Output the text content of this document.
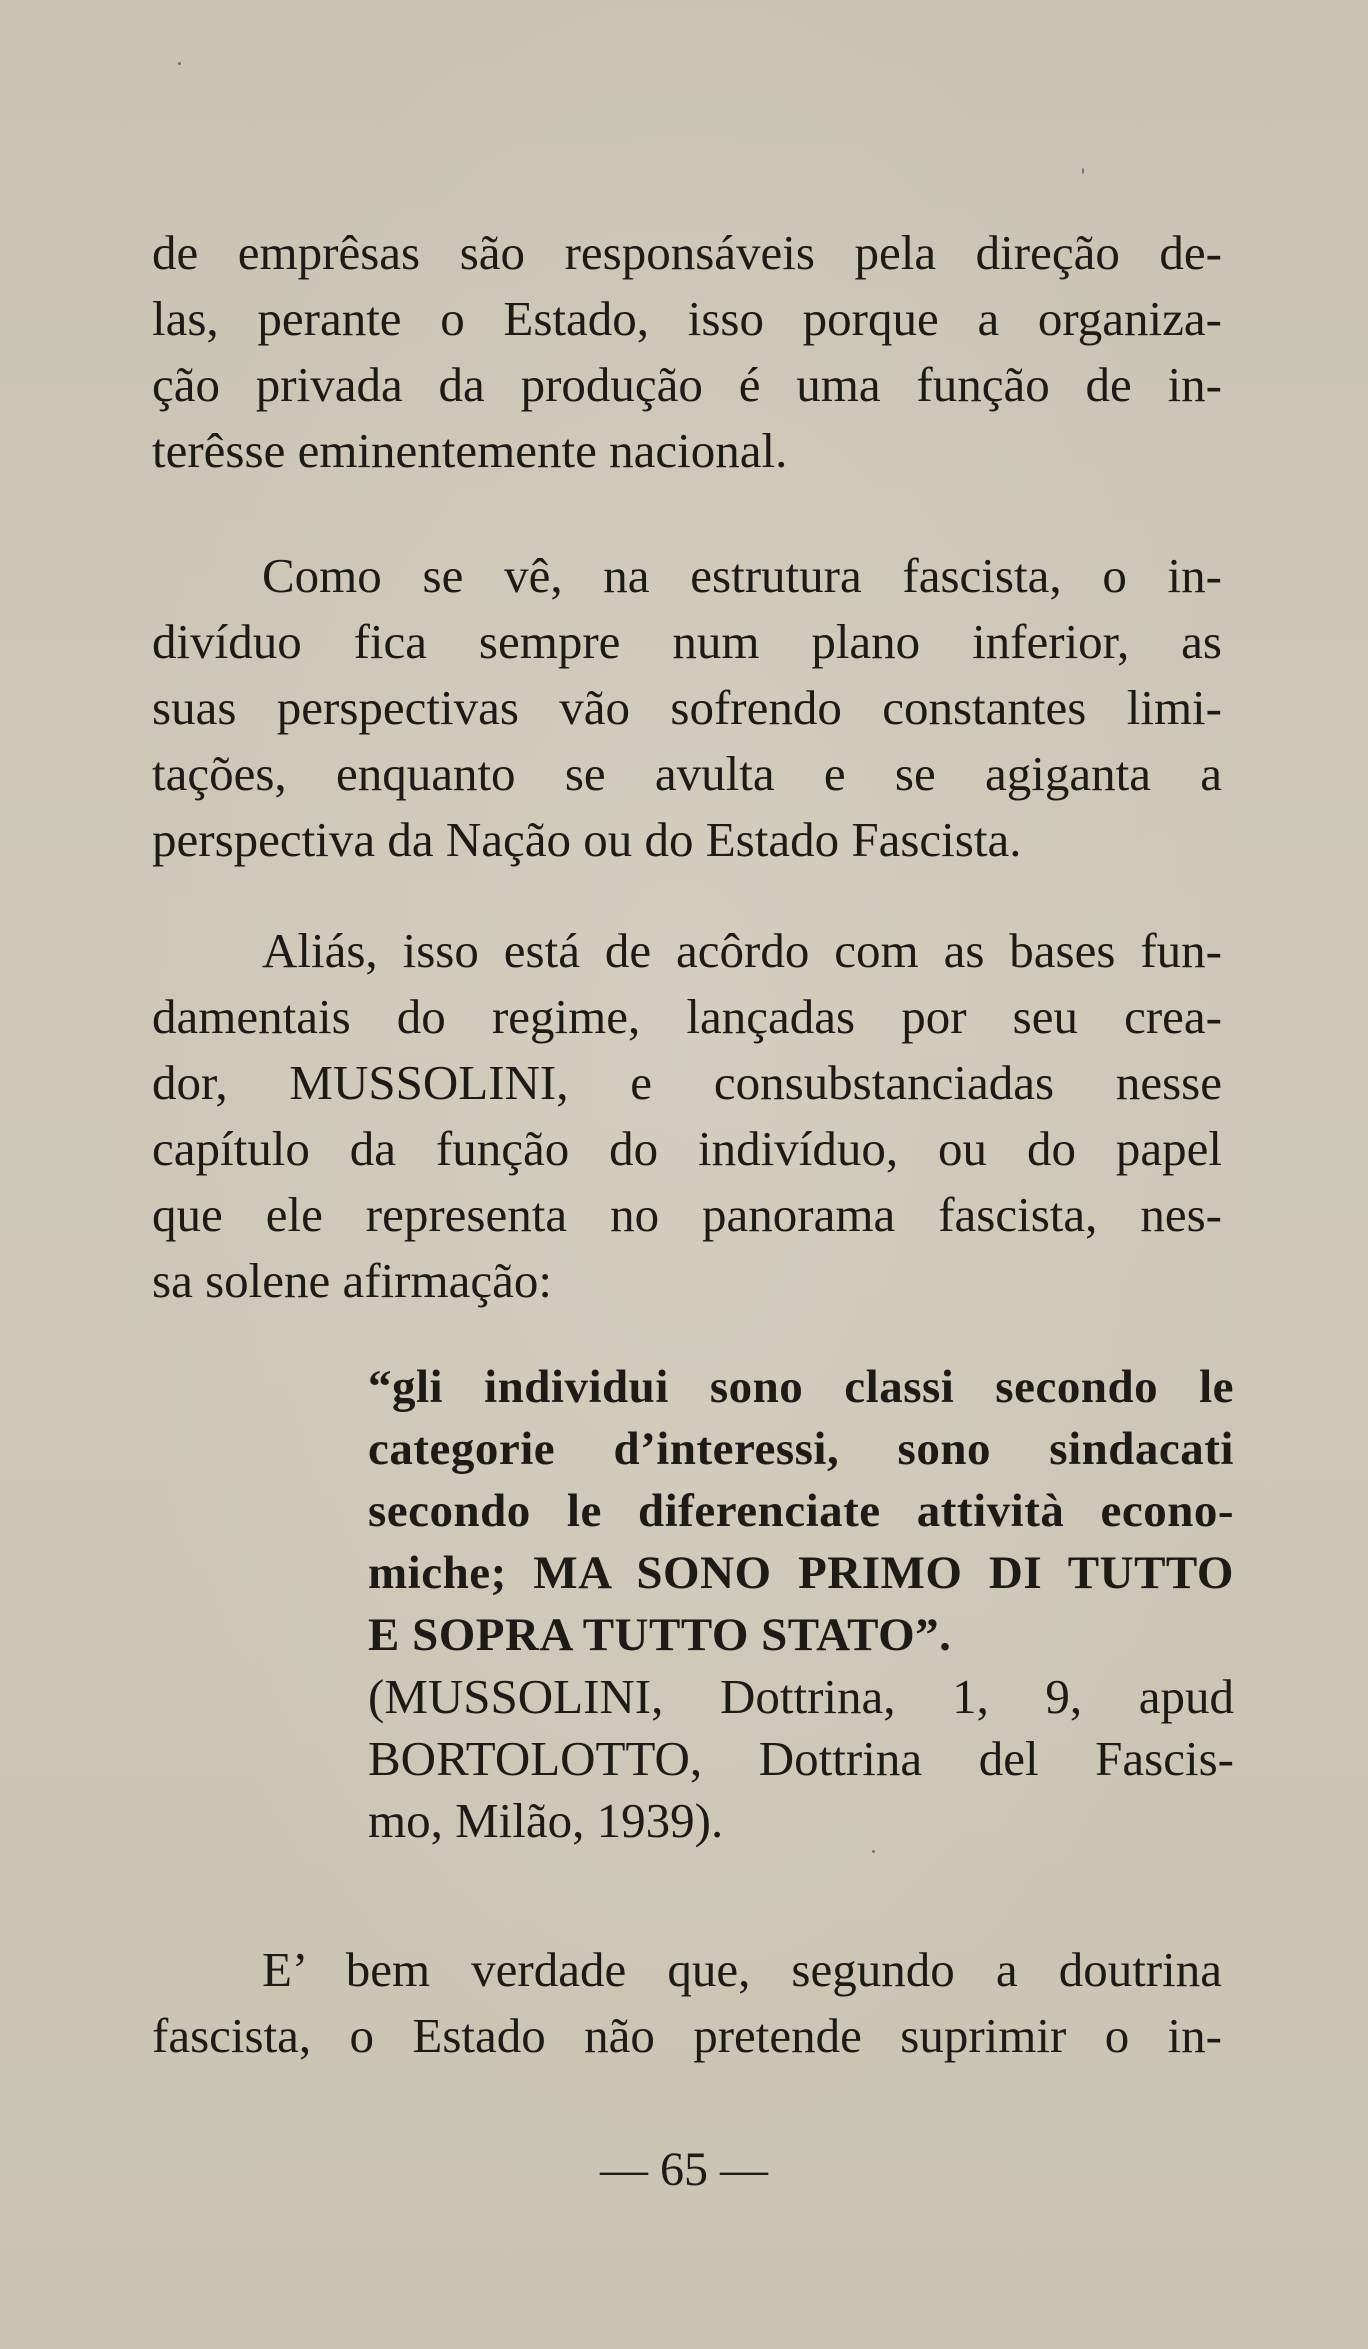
de emprêsas são responsáveis pela direção de-
las, perante o Estado, isso porque a organiza-
ção privada da produção é uma função de in-
terêsse eminentemente nacional.
Como se vê, na estrutura fascista, o in-
divíduo fica sempre num plano inferior, as
suas perspectivas vão sofrendo constantes limi-
tações, enquanto se avulta e se agiganta a
perspectiva da Nação ou do Estado Fascista.
Aliás, isso está de acôrdo com as bases fun-
damentais do regime, lançadas por seu crea-
dor, MUSSOLINI, e consubstanciadas nesse
capítulo da função do indivíduo, ou do papel
que ele representa no panorama fascista, nes-
sa solene afirmação:
“gli individui sono classi secondo le
categorie d’interessi, sono sindacati
secondo le diferenciate attività econo-
miche; MA SONO PRIMO DI TUTTO
E SOPRA TUTTO STATO”.
(MUSSOLINI, Dottrina, 1, 9, apud
BORTOLOTTO, Dottrina del Fascis-
mo, Milão, 1939).
E’ bem verdade que, segundo a doutrina
fascista, o Estado não pretende suprimir o in-
— 65 —
